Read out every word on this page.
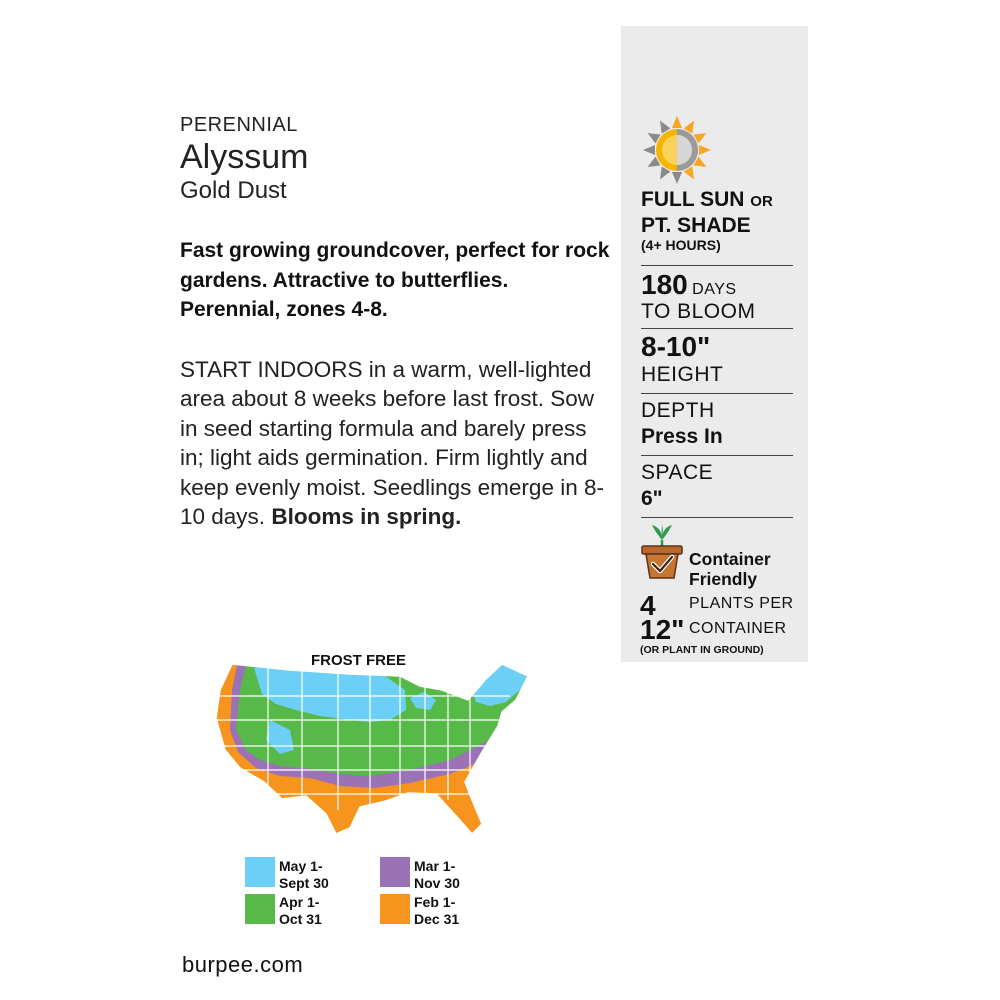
PERENNIAL
Alyssum
Gold Dust
Fast growing groundcover, perfect for rock gardens. Attractive to butterflies. Perennial, zones 4-8.
START INDOORS in a warm, well-lighted area about 8 weeks before last frost. Sow in seed starting formula and barely press in; light aids germination. Firm lightly and keep evenly moist. Seedlings emerge in 8-10 days. Blooms in spring.
FULL SUN OR
PT. SHADE
(4+ HOURS)
180 DAYS
TO BLOOM
8-10"
HEIGHT
DEPTH
Press In
SPACE
6"
Container
Friendly
4 PLANTS PER
12" CONTAINER
(OR PLANT IN GROUND)
FROST FREE
May 1-
Sept 30
Mar 1-
Nov 30
Apr 1-
Oct 31
Feb 1-
Dec 31
burpee.com
